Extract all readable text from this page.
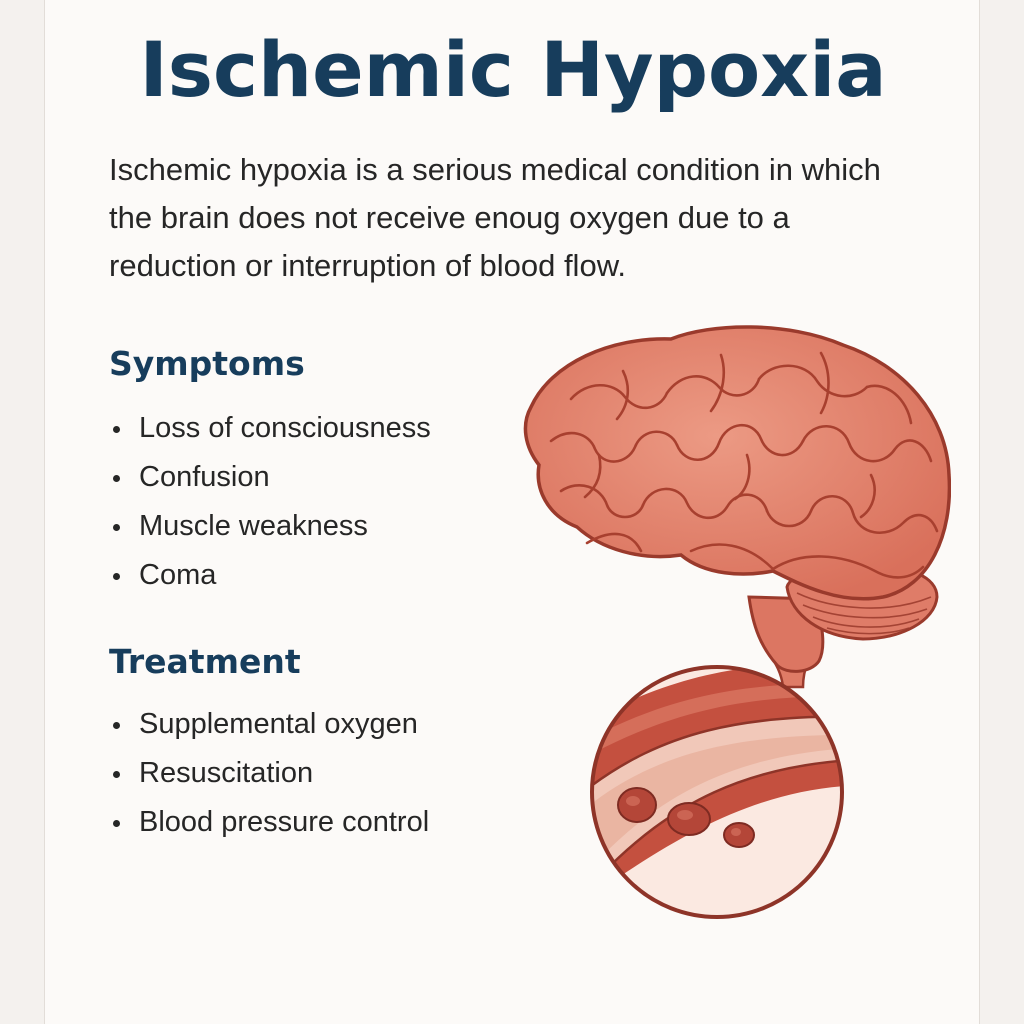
Ischemic Hypoxia

Ischemic hypoxia is a serious medical condition in which the brain does not receive enoug oxygen due to a reduction or interruption of blood flow.

Symptoms
Loss of consciousness
Confusion
Muscle weakness
Coma
Treatment
Supplemental oxygen
Resuscitation
Blood pressure control
